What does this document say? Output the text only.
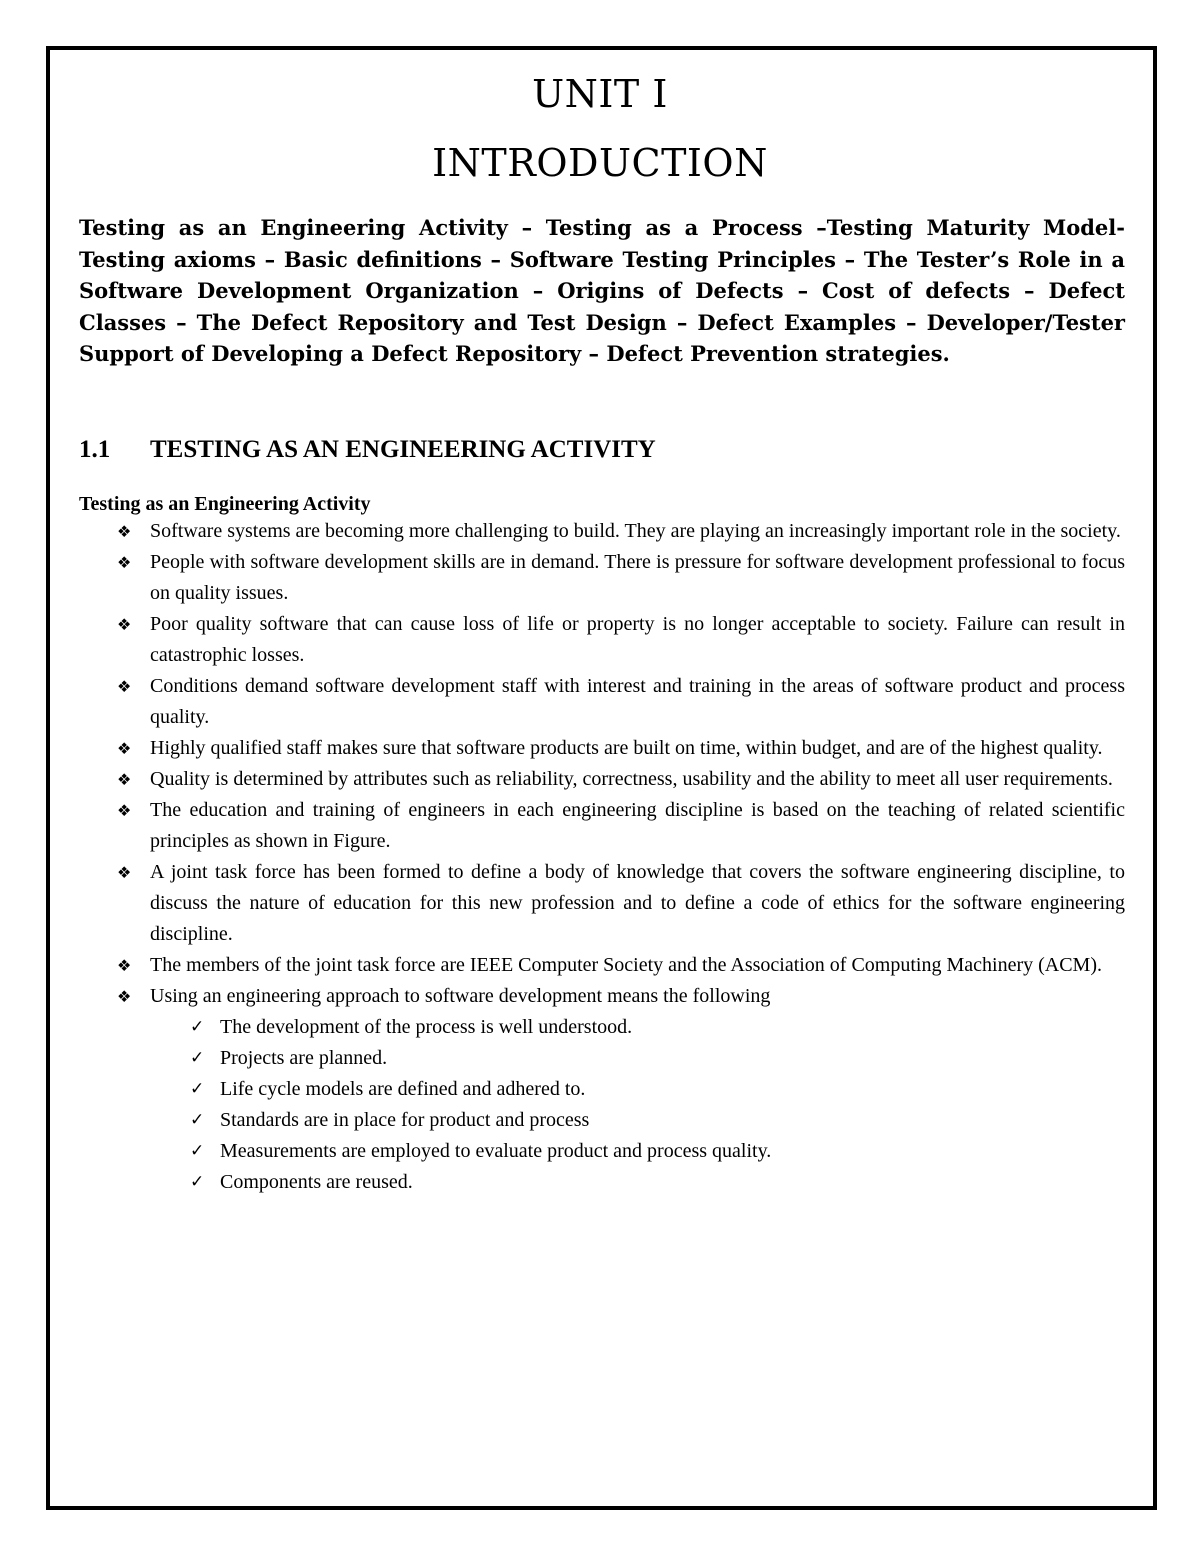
UNIT I
INTRODUCTION

Testing as an Engineering Activity – Testing as a Process –Testing Maturity Model- Testing axioms – Basic definitions – Software Testing Principles – The Tester’s Role in a Software Development Organization – Origins of Defects – Cost of defects – Defect Classes – The Defect Repository and Test Design – Defect Examples – Developer/Tester Support of Developing a Defect Repository – Defect Prevention strategies.

1.1 TESTING AS AN ENGINEERING ACTIVITY
Testing as an Engineering Activity
❖ Software systems are becoming more challenging to build. They are playing an increasingly important role in the society.
❖ People with software development skills are in demand. There is pressure for software development professional to focus on quality issues.
❖ Poor quality software that can cause loss of life or property is no longer acceptable to society. Failure can result in catastrophic losses.
❖ Conditions demand software development staff with interest and training in the areas of software product and process quality.
❖ Highly qualified staff makes sure that software products are built on time, within budget, and are of the highest quality.
❖ Quality is determined by attributes such as reliability, correctness, usability and the ability to meet all user requirements.
❖ The education and training of engineers in each engineering discipline is based on the teaching of related scientific principles as shown in Figure.
❖ A joint task force has been formed to define a body of knowledge that covers the software engineering discipline, to discuss the nature of education for this new profession and to define a code of ethics for the software engineering discipline.
❖ The members of the joint task force are IEEE Computer Society and the Association of Computing Machinery (ACM).
❖ Using an engineering approach to software development means the following
✓ The development of the process is well understood.
✓ Projects are planned.
✓ Life cycle models are defined and adhered to.
✓ Standards are in place for product and process
✓ Measurements are employed to evaluate product and process quality.
✓ Components are reused.
